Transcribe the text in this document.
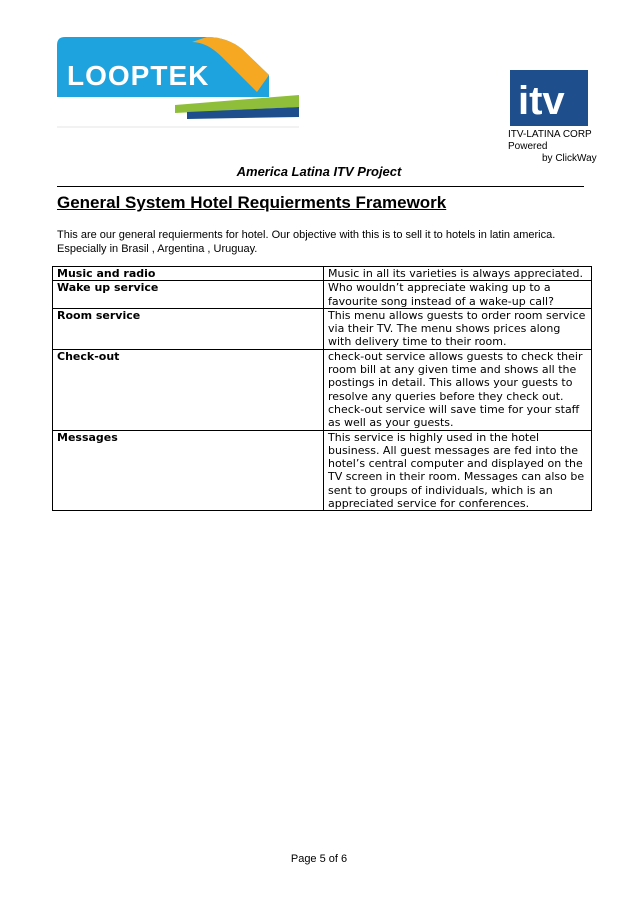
LOOPTEK
itv
ITV-LATINA CORP
Powered
by ClickWay
America Latina ITV Project
General System Hotel Requierments Framework
This are our general requierments for hotel. Our objective with this is to sell it to hotels in latin america. Especially in Brasil , Argentina , Uruguay.
Music and radio	Music in all its varieties is always appreciated.
Wake up service	Who wouldn’t appreciate waking up to a favourite song instead of a wake-up call?
Room service	This menu allows guests to order room service via their TV. The menu shows prices along with delivery time to their room.
Check-out	check-out service allows guests to check their room bill at any given time and shows all the postings in detail. This allows your guests to resolve any queries before they check out. check-out service will save time for your staff as well as your guests.
Messages	This service is highly used in the hotel business. All guest messages are fed into the hotel’s central computer and displayed on the TV screen in their room. Messages can also be sent to groups of individuals, which is an appreciated service for conferences.
Page 5 of 6
